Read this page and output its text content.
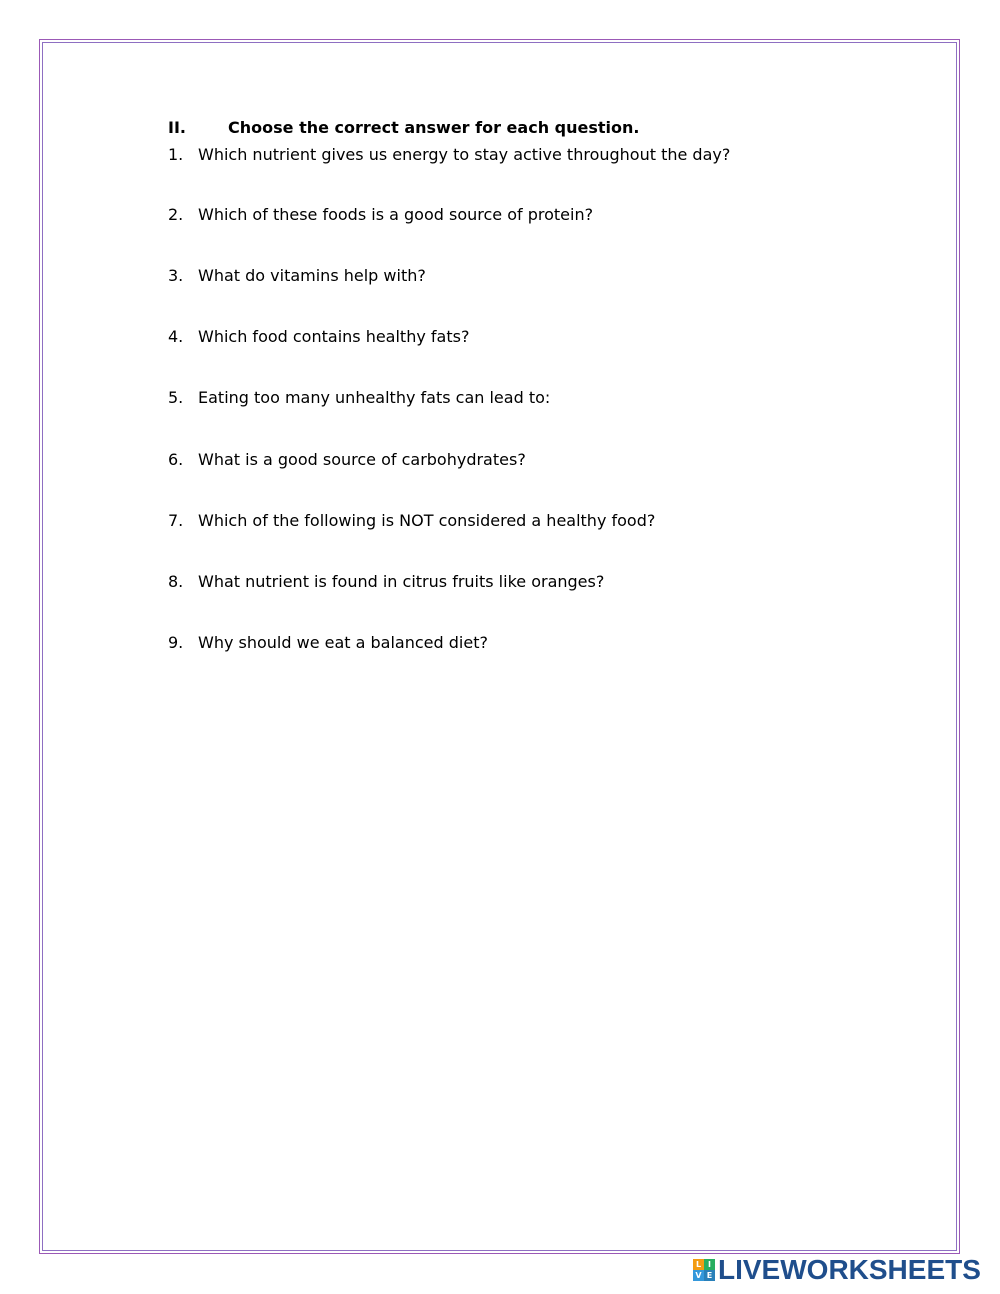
II.	Choose the correct answer for each question.
1. Which nutrient gives us energy to stay active throughout the day?
2. Which of these foods is a good source of protein?
3. What do vitamins help with?
4. Which food contains healthy fats?
5. Eating too many unhealthy fats can lead to:
6. What is a good source of carbohydrates?
7. Which of the following is NOT considered a healthy food?
8. What nutrient is found in citrus fruits like oranges?
9. Why should we eat a balanced diet?
L I
V E LIVEWORKSHEETS
